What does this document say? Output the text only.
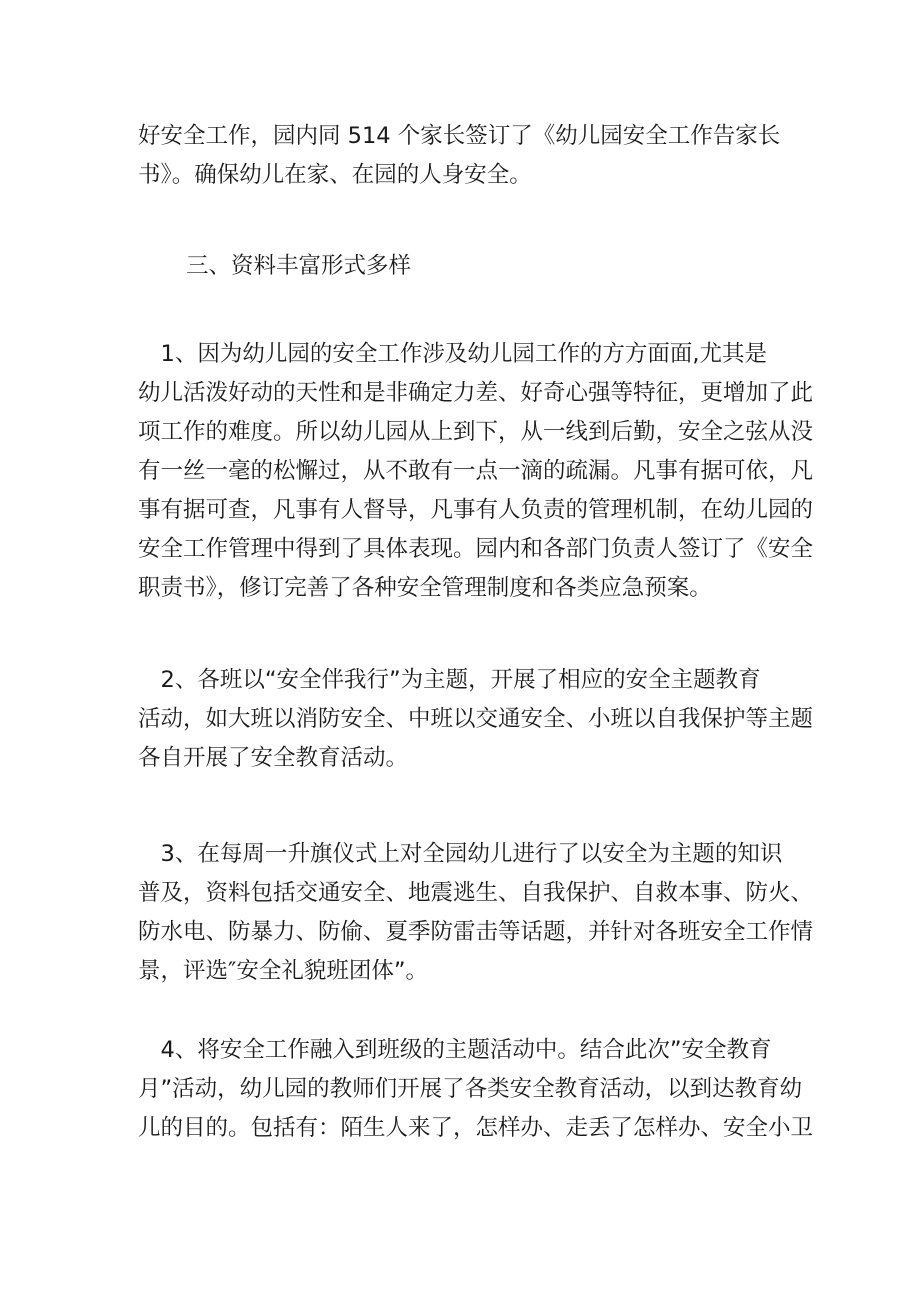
好安全工作，园内同 514 个家长签订了《幼儿园安全工作告家长
书》。确保幼儿在家、在园的人身安全。
三、资料丰富形式多样
　1、因为幼儿园的安全工作涉及幼儿园工作的方方面面,尤其是
幼儿活泼好动的天性和是非确定力差、好奇心强等特征，更增加了此
项工作的难度。所以幼儿园从上到下，从一线到后勤，安全之弦从没
有一丝一毫的松懈过，从不敢有一点一滴的疏漏。凡事有据可依，凡
事有据可查，凡事有人督导，凡事有人负责的管理机制，在幼儿园的
安全工作管理中得到了具体表现。园内和各部门负责人签订了《安全
职责书》，修订完善了各种安全管理制度和各类应急预案。
　2、各班以“安全伴我行”为主题，开展了相应的安全主题教育
活动，如大班以消防安全、中班以交通安全、小班以自我保护等主题
各自开展了安全教育活动。
　3、在每周一升旗仪式上对全园幼儿进行了以安全为主题的知识
普及，资料包括交通安全、地震逃生、自我保护、自救本事、防火、
防水电、防暴力、防偷、夏季防雷击等话题，并针对各班安全工作情
景，评选″安全礼貌班团体”。
　4、将安全工作融入到班级的主题活动中。结合此次”安全教育
月”活动，幼儿园的教师们开展了各类安全教育活动，以到达教育幼
儿的目的。包括有：陌生人来了，怎样办、走丢了怎样办、安全小卫
